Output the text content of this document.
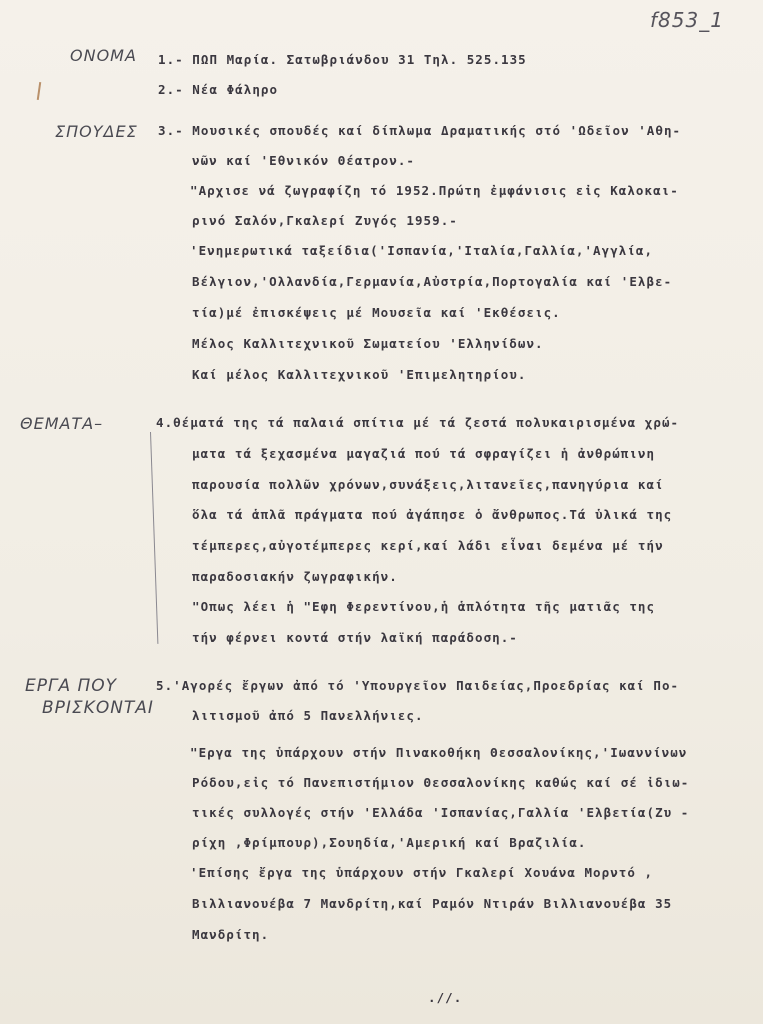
f853_1
ΟΝΟΜΑ
ΣΠΟΥΔΕΣ
ΘΕΜΑΤΑ–
ΕΡΓΑ ΠΟΥ
ΒΡΙΣΚΟΝΤΑΙ
1.- ΠΩΠ Μαρία. Σατωβριάνδου 31 Τηλ. 525.135
2.- Νέα Φάληρο
3.- Μουσικές σπουδές καί δίπλωμα Δραματικής στό 'Ωδεῖον 'Αθη-
νῶν καί 'Εθνικόν Θέατρον.-
"Αρχισε νά ζωγραφίζη τό 1952.Πρώτη ἐμφάνισις εἰς Καλοκαι-
ρινό Σαλόν,Γκαλερί Ζυγός 1959.-
'Ενημερωτικά ταξείδια('Ισπανία,'Ιταλία,Γαλλία,'Αγγλία,
Βέλγιον,'Ολλανδία,Γερμανία,Αὐστρία,Πορτογαλία καί 'Ελβε-
τία)μέ ἐπισκέψεις μέ Μουσεῖα καί 'Εκθέσεις.
Μέλος Καλλιτεχνικοῦ Σωματείου 'Ελληνίδων.
Καί μέλος Καλλιτεχνικοῦ 'Επιμελητηρίου.
4.θέματά της τά παλαιά σπίτια μέ τά ζεστά πολυκαιρισμένα χρώ-
ματα τά ξεχασμένα μαγαζιά πού τά σφραγίζει ἡ ἀνθρώπινη
παρουσία πολλῶν χρόνων,συνάξεις,λιτανεῖες,πανηγύρια καί
ὅλα τά ἁπλᾶ πράγματα πού ἀγάπησε ὁ ἄνθρωπος.Τά ὑλικά της
τέμπερες,αὐγοτέμπερες κερί,καί λάδι εἶναι δεμένα μέ τήν
παραδοσιακήν ζωγραφικήν.
"Οπως λέει ἡ "Εφη Φερεντίνου,ἡ ἁπλότητα τῆς ματιᾶς της
τήν φέρνει κοντά στήν λαϊκή παράδοση.-
5.'Αγορές ἔργων ἀπό τό 'Υπουργεῖον Παιδείας,Προεδρίας καί Πο-
λιτισμοῦ ἀπό 5 Πανελλήνιες.
"Εργα της ὑπάρχουν στήν Πινακοθήκη Θεσσαλονίκης,'Ιωαννίνων
Ρόδου,εἰς τό Πανεπιστήμιον Θεσσαλονίκης καθώς καί σέ ἰδιω-
τικές συλλογές στήν 'Ελλάδα 'Ισπανίας,Γαλλία 'Ελβετία(Ζυ -
ρίχη ,Φρίμπουρ),Σουηδία,'Αμερική καί Βραζιλία.
'Επίσης ἔργα της ὑπάρχουν στήν Γκαλερί Χουάνα Μορντό ,
Βιλλιανουέβα 7 Μανδρίτη,καί Ραμόν Ντιράν Βιλλιανουέβα 35
Μανδρίτη.
.//.
